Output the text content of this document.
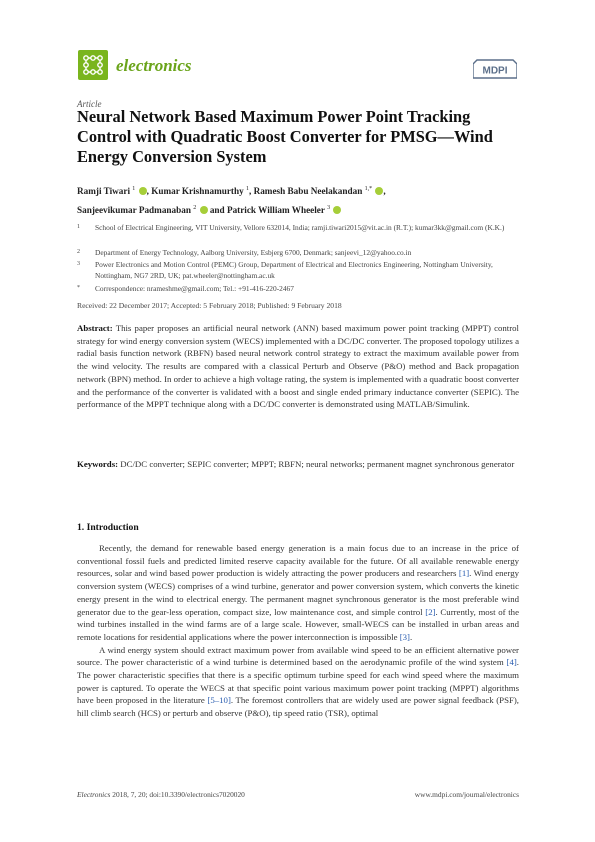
electronics	MDPI
Article
Neural Network Based Maximum Power Point Tracking Control with Quadratic Boost Converter for PMSG—Wind Energy Conversion System
Ramji Tiwari $^1$ , Kumar Krishnamurthy $^1$, Ramesh Babu Neelakandan $^{1,*}$ ,
Sanjeevikumar Padmanaban $^2$  and Patrick William Wheeler $^3$
1 School of Electrical Engineering, VIT University, Vellore 632014, India; ramji.tiwari2015@vit.ac.in (R.T.); kumar3kk@gmail.com (K.K.)
2 Department of Energy Technology, Aalborg University, Esbjerg 6700, Denmark; sanjeevi_12@yahoo.co.in
3 Power Electronics and Motion Control (PEMC) Group, Department of Electrical and Electronics Engineering, Nottingham University, Nottingham, NG7 2RD, UK; pat.wheeler@nottingham.ac.uk
* Correspondence: nrameshme@gmail.com; Tel.: +91-416-220-2467
Received: 22 December 2017; Accepted: 5 February 2018; Published: 9 February 2018
Abstract: This paper proposes an artificial neural network (ANN) based maximum power point tracking (MPPT) control strategy for wind energy conversion system (WECS) implemented with a DC/DC converter. The proposed topology utilizes a radial basis function network (RBFN) based neural network control strategy to extract the maximum available power from the wind velocity. The results are compared with a classical Perturb and Observe (P&O) method and Back propagation network (BPN) method. In order to achieve a high voltage rating, the system is implemented with a quadratic boost converter and the performance of the converter is validated with a boost and single ended primary inductance converter (SEPIC). The performance of the MPPT technique along with a DC/DC converter is demonstrated using MATLAB/Simulink.
Keywords: DC/DC converter; SEPIC converter; MPPT; RBFN; neural networks; permanent magnet synchronous generator
1. Introduction

Recently, the demand for renewable based energy generation is a main focus due to an increase in the price of conventional fossil fuels and predicted limited reserve capacity available for the future. Of all available renewable energy resources, solar and wind based power production is widely attracting the power producers and researchers [1]. Wind energy conversion system (WECS) comprises of a wind turbine, generator and power conversion system, which converts the kinetic energy present in the wind to electrical energy. The permanent magnet synchronous generator is the most preferable wind generator due to the gear-less operation, compact size, low maintenance cost, and simple control [2]. Currently, most of the wind turbines installed in the wind farms are of a large scale. However, small-WECS can be installed in urban areas and remote locations for residential applications where the power interconnection is impossible [3].

A wind energy system should extract maximum power from available wind speed to be an efficient alternative power source. The power characteristic of a wind turbine is determined based on the aerodynamic profile of the wind system [4]. The power characteristic specifies that there is a specific optimum turbine speed for each wind speed where the maximum power is captured. To operate the WECS at that specific point various maximum power point tracking (MPPT) algorithms have been proposed in the literature [5–10]. The foremost controllers that are widely used are power signal feedback (PSF), hill climb search (HCS) or perturb and observe (P&O), tip speed ratio (TSR), optimal

Electronics 2018, 7, 20; doi:10.3390/electronics7020020	www.mdpi.com/journal/electronics
